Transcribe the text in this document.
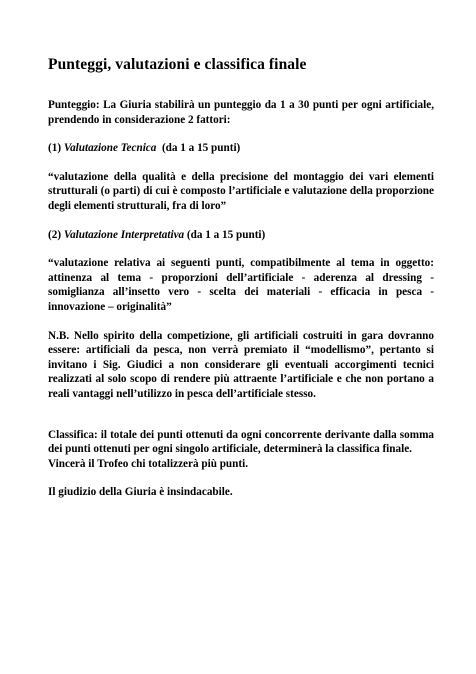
Punteggi, valutazioni e classifica finale

Punteggio: La Giuria stabilirà un punteggio da 1 a 30 punti per ogni artificiale, prendendo in considerazione 2 fattori:

(1) Valutazione Tecnica (da 1 a 15 punti)

“valutazione della qualità e della precisione del montaggio dei vari elementi strutturali (o parti) di cui è composto l’artificiale e valutazione della proporzione degli elementi strutturali, fra di loro”

(2) Valutazione Interpretativa (da 1 a 15 punti)

“valutazione relativa ai seguenti punti, compatibilmente al tema in oggetto: attinenza al tema - proporzioni dell’artificiale - aderenza al dressing - somiglianza all’insetto vero - scelta dei materiali - efficacia in pesca - innovazione – originalità”

N.B. Nello spirito della competizione, gli artificiali costruiti in gara dovranno essere: artificiali da pesca, non verrà premiato il “modellismo”, pertanto si invitano i Sig. Giudici a non considerare gli eventuali accorgimenti tecnici realizzati al solo scopo di rendere più attraente l’artificiale e che non portano a reali vantaggi nell’utilizzo in pesca dell’artificiale stesso.

Classifica: il totale dei punti ottenuti da ogni concorrente derivante dalla somma dei punti ottenuti per ogni singolo artificiale, determinerà la classifica finale.

Vincerà il Trofeo chi totalizzerà più punti.

Il giudizio della Giuria è insindacabile.
